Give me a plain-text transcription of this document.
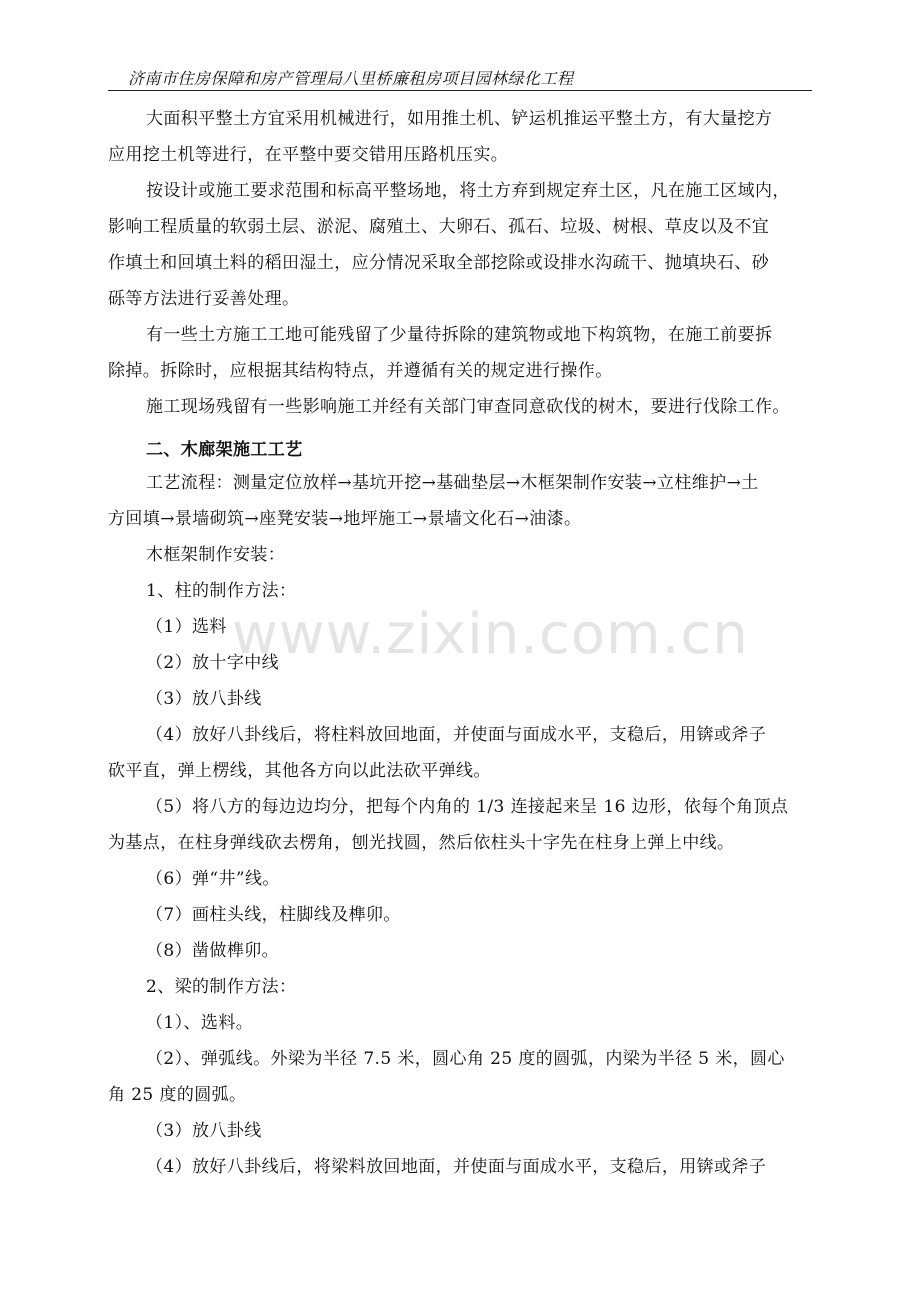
济南市住房保障和房产管理局八里桥廉租房项目园林绿化工程
www.zixin.com.cn
大面积平整土方宜采用机械进行，如用推土机、铲运机推运平整土方，有大量挖方
应用挖土机等进行，在平整中要交错用压路机压实。
按设计或施工要求范围和标高平整场地，将土方弃到规定弃土区，凡在施工区域内，
影响工程质量的软弱土层、淤泥、腐殖土、大卵石、孤石、垃圾、树根、草皮以及不宜
作填土和回填土料的稻田湿土，应分情况采取全部挖除或设排水沟疏干、抛填块石、砂
砾等方法进行妥善处理。
有一些土方施工工地可能残留了少量待拆除的建筑物或地下构筑物，在施工前要拆
除掉。拆除时，应根据其结构特点，并遵循有关的规定进行操作。
施工现场残留有一些影响施工并经有关部门审查同意砍伐的树木，要进行伐除工作。
二、木廊架施工工艺
工艺流程：测量定位放样→基坑开挖→基础垫层→木框架制作安装→立柱维护→土
方回填→景墙砌筑→座凳安装→地坪施工→景墙文化石→油漆。
木框架制作安装：
1、柱的制作方法：
（1）选料
（2）放十字中线
（3）放八卦线
（4）放好八卦线后，将柱料放回地面，并使面与面成水平，支稳后，用锛或斧子
砍平直，弹上楞线，其他各方向以此法砍平弹线。
（5）将八方的每边边均分，把每个内角的 1/3 连接起来呈 16 边形，依每个角顶点
为基点，在柱身弹线砍去楞角，刨光找圆，然后依柱头十字先在柱身上弹上中线。
（6）弹“井”线。
（7）画柱头线，柱脚线及榫卯。
（8）凿做榫卯。
2、梁的制作方法：
（1）、选料。
（2）、弹弧线。外梁为半径 7.5 米，圆心角 25 度的圆弧，内梁为半径 5 米，圆心
角 25 度的圆弧。
（3）放八卦线
（4）放好八卦线后，将梁料放回地面，并使面与面成水平，支稳后，用锛或斧子
